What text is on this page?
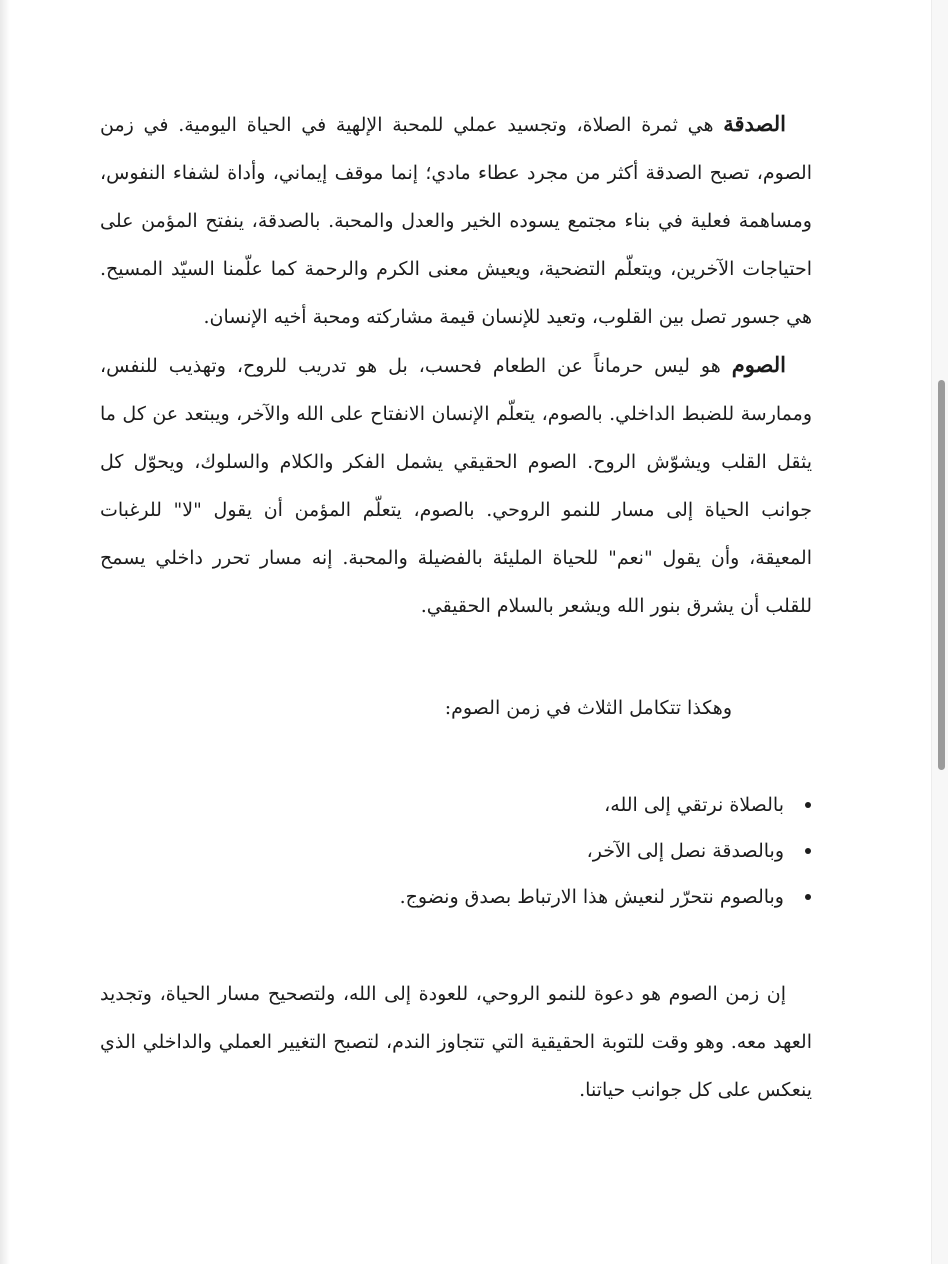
الصدقة هي ثمرة الصلاة، وتجسيد عملي للمحبة الإلهية في الحياة اليومية. في زمن الصوم، تصبح الصدقة أكثر من مجرد عطاء مادي؛ إنما موقف إيماني، وأداة لشفاء النفوس، ومساهمة فعلية في بناء مجتمع يسوده الخير والعدل والمحبة. بالصدقة، ينفتح المؤمن على احتياجات الآخرين، ويتعلّم التضحية، ويعيش معنى الكرم والرحمة كما علّمنا السيّد المسيح. هي جسور تصل بين القلوب، وتعيد للإنسان قيمة مشاركته ومحبة أخيه الإنسان.

الصوم هو ليس حرماناً عن الطعام فحسب، بل هو تدريب للروح، وتهذيب للنفس، وممارسة للضبط الداخلي. بالصوم، يتعلّم الإنسان الانفتاح على الله والآخر، ويبتعد عن كل ما يثقل القلب ويشوّش الروح. الصوم الحقيقي يشمل الفكر والكلام والسلوك، ويحوّل كل جوانب الحياة إلى مسار للنمو الروحي. بالصوم، يتعلّم المؤمن أن يقول "لا" للرغبات المعيقة، وأن يقول "نعم" للحياة المليئة بالفضيلة والمحبة. إنه مسار تحرر داخلي يسمح للقلب أن يشرق بنور الله ويشعر بالسلام الحقيقي.

وهكذا تتكامل الثلاث في زمن الصوم:

بالصلاة نرتقي إلى الله،
وبالصدقة نصل إلى الآخر،
وبالصوم نتحرّر لنعيش هذا الارتباط بصدق ونضوج.

إن زمن الصوم هو دعوة للنمو الروحي، للعودة إلى الله، ولتصحيح مسار الحياة، وتجديد العهد معه. وهو وقت للتوبة الحقيقية التي تتجاوز الندم، لتصبح التغيير العملي والداخلي الذي ينعكس على كل جوانب حياتنا.
